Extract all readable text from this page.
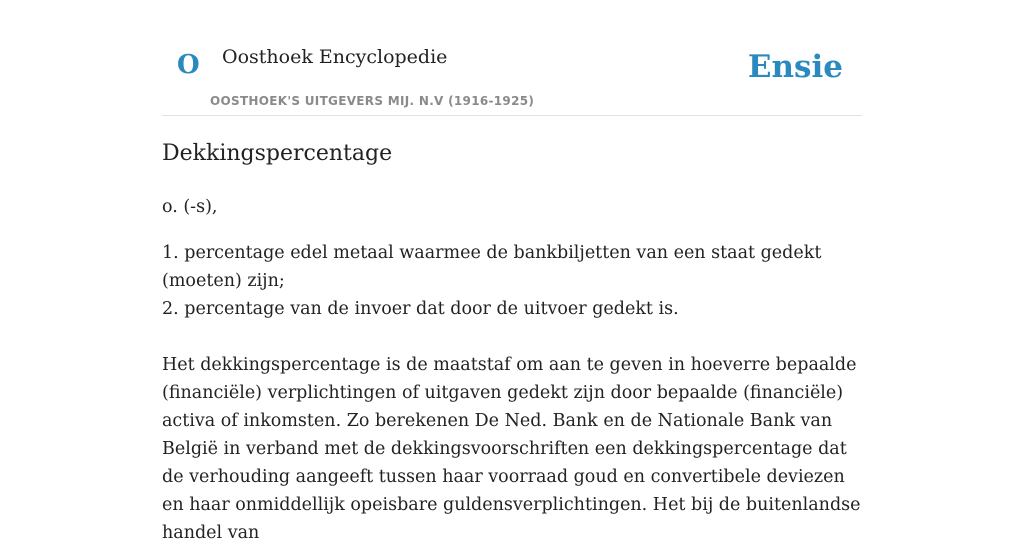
O Oosthoek Encyclopedie
OOSTHOEK'S UITGEVERS MIJ. N.V (1916-1925)
Ensie
Dekkingspercentage

o. (-s),

1. percentage edel metaal waarmee de bankbiljetten van een staat gedekt (moeten) zijn;

2. percentage van de invoer dat door de uitvoer gedekt is.

Het dekkingspercentage is de maatstaf om aan te geven in hoeverre bepaalde (financiële) verplichtingen of uitgaven gedekt zijn door bepaalde (financiële) activa of inkomsten. Zo berekenen De Ned. Bank en de Nationale Bank van België in verband met de dekkingsvoorschriften een dekkingspercentage dat de verhouding aangeeft tussen haar voorraad goud en convertibele deviezen en haar onmiddellijk opeisbare guldensverplichtingen. Het bij de buitenlandse handel van
